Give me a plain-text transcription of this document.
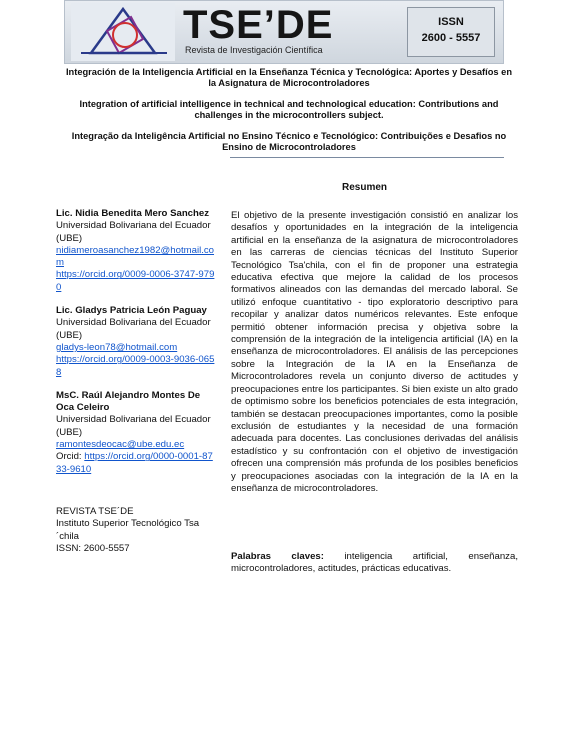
TSE’DE
Revista de Investigación Científica
ISSN
2600 - 5557
Integración de la Inteligencia Artificial en la Enseñanza Técnica y Tecnológica: Aportes y Desafíos en la Asignatura de Microcontroladores
Integration of artificial intelligence in technical and technological education: Contributions and challenges in the microcontrollers subject.
Integração da Inteligência Artificial no Ensino Técnico e Tecnológico: Contribuições e Desafios no Ensino de Microcontroladores
Resumen
Lic. Nidia Benedita Mero Sanchez
Universidad Bolivariana del Ecuador (UBE)
nidiameroasanchez1982@hotmail.com
https://orcid.org/0009-0006-3747-9790
Lic. Gladys Patricia León Paguay
Universidad Bolivariana del Ecuador (UBE)
gladys-leon78@hotmail.com
https://orcid.org/0009-0003-9036-0658
MsC. Raúl Alejandro Montes De Oca Celeiro
Universidad Bolivariana del Ecuador (UBE)
ramontesdeocac@ube.edu.ec
Orcid: https://orcid.org/0000-0001-8733-9610
REVISTA TSE´DE
Instituto Superior Tecnológico Tsa´chila
ISSN: 2600-5557
El objetivo de la presente investigación consistió en analizar los desafíos y oportunidades en la integración de la inteligencia artificial en la enseñanza de la asignatura de microcontroladores en las carreras de ciencias técnicas del Instituto Superior Tecnológico Tsa'chila, con el fin de proponer una estrategia educativa efectiva que mejore la calidad de los procesos formativos alineados con las demandas del mercado laboral. Se utilizó enfoque cuantitativo - tipo exploratorio descriptivo para recopilar y analizar datos numéricos relevantes. Este enfoque permitió obtener información precisa y objetiva sobre la comprensión de la integración de la inteligencia artificial (IA) en la enseñanza de microcontroladores. El análisis de las percepciones sobre la Integración de la IA en la Enseñanza de Microcontroladores revela un conjunto diverso de actitudes y preocupaciones entre los participantes. Si bien existe un alto grado de optimismo sobre los beneficios potenciales de esta integración, también se destacan preocupaciones importantes, como la posible exclusión de estudiantes y la necesidad de una formación adecuada para docentes. Las conclusiones derivadas del análisis estadístico y su confrontación con el objetivo de investigación ofrecen una comprensión más profunda de los posibles beneficios y preocupaciones asociadas con la integración de la IA en la enseñanza de microcontroladores.
Palabras claves: inteligencia artificial, enseñanza, microcontroladores, actitudes, prácticas educativas.
